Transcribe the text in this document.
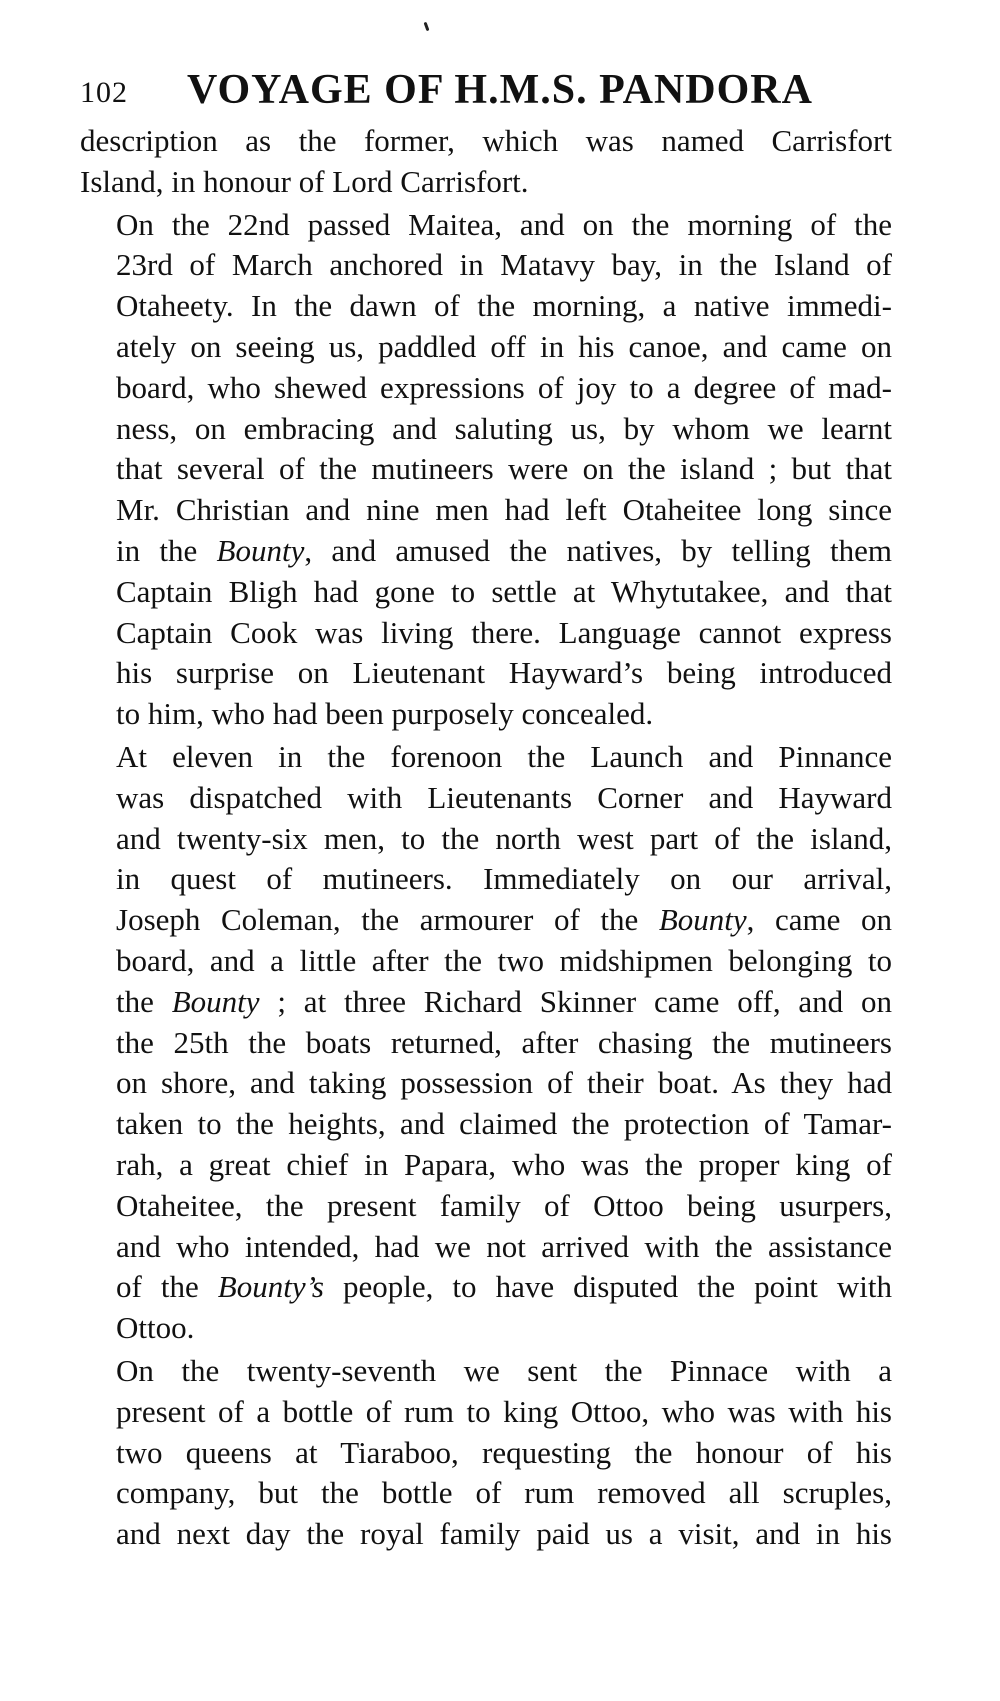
102 VOYAGE OF H.M.S. PANDORA

description as the former, which was named Carrisfort
Island, in honour of Lord Carrisfort.

On the 22nd passed Maitea, and on the morning of the
23rd of March anchored in Matavy bay, in the Island of
Otaheety. In the dawn of the morning, a native immedi-
ately on seeing us, paddled off in his canoe, and came on
board, who shewed expressions of joy to a degree of mad-
ness, on embracing and saluting us, by whom we learnt
that several of the mutineers were on the island ; but that
Mr. Christian and nine men had left Otaheitee long since
in the Bounty, and amused the natives, by telling them
Captain Bligh had gone to settle at Whytutakee, and that
Captain Cook was living there. Language cannot express
his surprise on Lieutenant Hayward’s being introduced
to him, who had been purposely concealed.

At eleven in the forenoon the Launch and Pinnance
was dispatched with Lieutenants Corner and Hayward
and twenty-six men, to the north west part of the island,
in quest of mutineers. Immediately on our arrival,
Joseph Coleman, the armourer of the Bounty, came on
board, and a little after the two midshipmen belonging to
the Bounty ; at three Richard Skinner came off, and on
the 25th the boats returned, after chasing the mutineers
on shore, and taking possession of their boat. As they had
taken to the heights, and claimed the protection of Tamar-
rah, a great chief in Papara, who was the proper king of
Otaheitee, the present family of Ottoo being usurpers,
and who intended, had we not arrived with the assistance
of the Bounty’s people, to have disputed the point with
Ottoo.

On the twenty-seventh we sent the Pinnace with a
present of a bottle of rum to king Ottoo, who was with his
two queens at Tiaraboo, requesting the honour of his
company, but the bottle of rum removed all scruples,
and next day the royal family paid us a visit, and in his
